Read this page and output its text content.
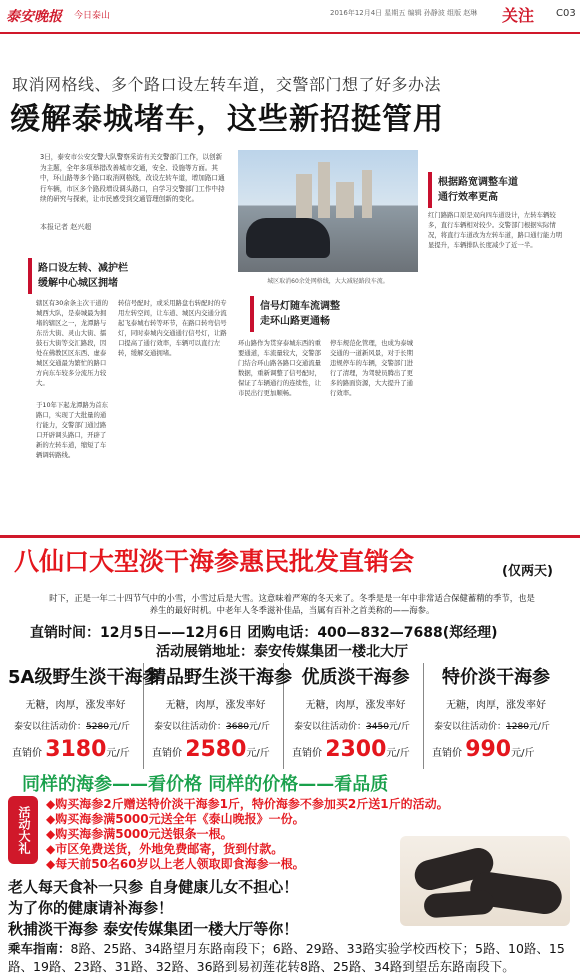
泰安晚报 今日泰山	2016年12月4日 星期五 编辑 孙静波 组版 赵琳	关注	C03
取消网格线、多个路口设左转车道，交警部门想了好多办法
缓解泰城堵车，这些新招挺管用
3日，泰安市公安交警大队警察采访有关交警部门工作，以创新为主题，全年多项举措改善城市交通，安全、设施等方面。其中，环山路等多个路口取消网格线，改设左转车道，增加路口通行车辆，市区多个路段增设调头路口，自学习交警部门工作中持续的研究与探索，让市民感受到交通管理创新的变化。
本报记者 赵兴超
城区取消60余处网格线，大大减轻路段车流。
路口设左转、减护栏
缓解中心城区拥堵
信号灯随车流调整
走环山路更通畅
根据路宽调整车道
通行效率更高
辖区有30余条主次干道的城西大队，是泰城最为拥堵的辖区之一，龙潭路与东岳大街、灵山大街、擂鼓石大街等交汇路段，因处在佛教区区东西、虚泰城区交通最为繁忙的路口方向东车较多分流压力较大。
于10年下起龙潭路为首东路口，实现了大批量的通行能力，交警部门通过路口开辟调头路口，开辟了新的左转车道，缩短了车辆调转路线。
转信号配时，或采用路盘右转配时的专用左转空间，让车道、城区内交通分流起飞泰城右转等环节，在路口转弯信号灯，同时泰城内交通通行信号灯，让路口提高了通行效率，车辆可以直行左转，缓解交通拥堵。
环山路作为贯穿泰城东西的重要通道，车流量较大，交警部门结合环山路各路口交通流量数据，重新调整了信号配时，保证了车辆通行的连续性，让市民出行更加顺畅。
停车规范化管理，也成为泰城交通的一道新风景，对于长期违规停车的车辆，交警部门进行了清理，为驾驶员腾出了更多的路面资源，大大提升了通行效率。
红门路路口原是双向四车道设计，左转车辆较多，直行车辆相对较少。交警部门根据实际情况，将直行车道改为左转车道，路口通行能力明显提升，车辆排队长度减少了近一半。
八仙口大型淡干海参惠民批发直销会	(仅两天)
时下，正是一年二十四节气中的小雪，小雪过后是大雪。这意味着严寒的冬天来了。冬季是是一年中非常适合保健蓄精的季节，也是养生的最好时机。中老年人冬季滋补佳品，当属有百补之首美称的——海参。
直销时间：12月5日——12月6日 团购电话：400—832—7688(郑经理)
活动展销地址：泰安传媒集团一楼北大厅
5A级野生淡干海参
无糖，肉厚，涨发率好
泰安以往活动价：5280元/斤
直销价 3180元/斤
精品野生淡干海参
无糖，肉厚，涨发率好
泰安以往活动价：3680元/斤
直销价 2580元/斤
优质淡干海参
无糖，肉厚，涨发率好
泰安以往活动价：3450元/斤
直销价 2300元/斤
特价淡干海参
无糖，肉厚，涨发率好
泰安以往活动价：1280元/斤
直销价 990元/斤
同样的海参——看价格 同样的价格——看品质
活动大礼
◆购买海参2斤赠送特价淡干海参1斤，特价海参不参加买2斤送1斤的活动。
◆购买海参满5000元送全年《泰山晚报》一份。
◆购买海参满5000元送银条一根。
◆市区免费送货，外地免费邮寄，货到付款。
◆每天前50名60岁以上老人领取即食海参一根。
老人每天食补一只参 自身健康儿女不担心！
为了你的健康请补海参！
秋捕淡干海参 泰安传媒集团一楼大厅等你！
乘车指南：8路、25路、34路望月东路南段下；6路、29路、33路实验学校西校下；5路、10路、15路、19路、23路、31路、32路、36路到易初莲花转8路、25路、34路到望岳东路南段下。
